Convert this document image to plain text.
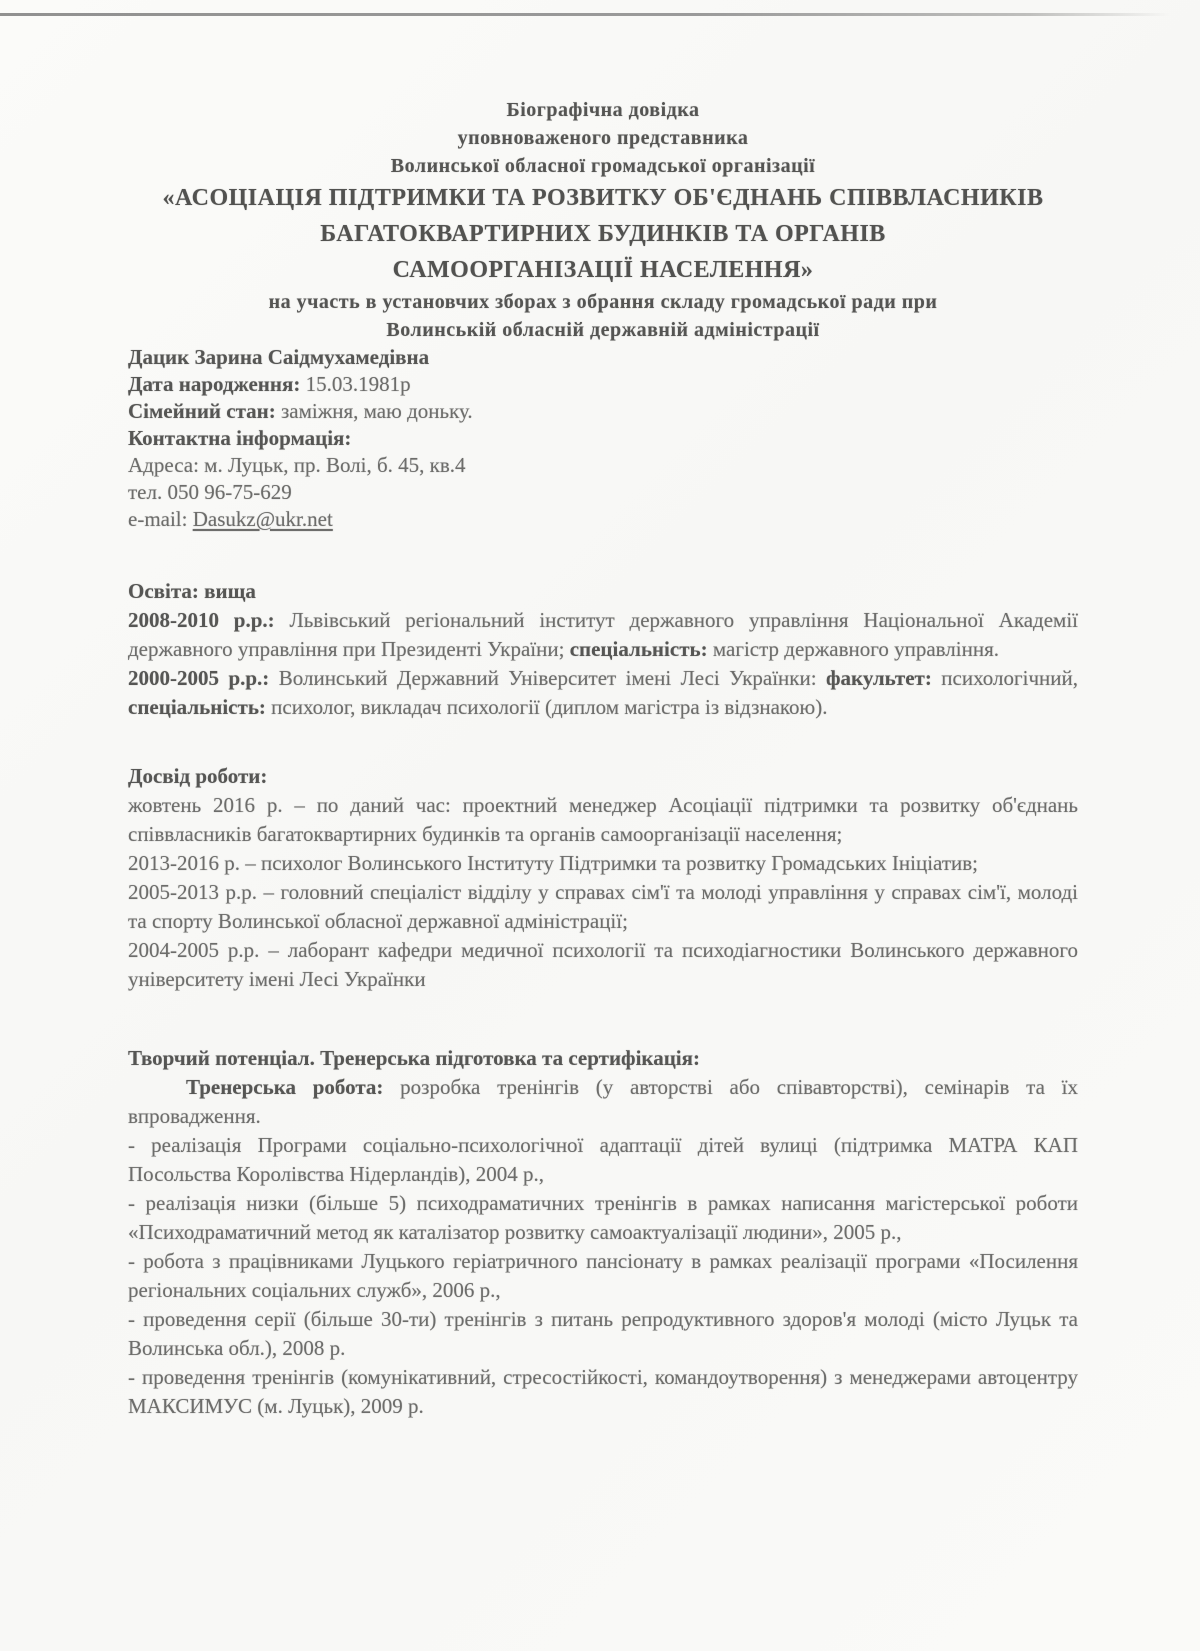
Біографічна довідка
уповноваженого представника
Волинської обласної громадської організації
«АСОЦІАЦІЯ ПІДТРИМКИ ТА РОЗВИТКУ ОБ'ЄДНАНЬ СПІВВЛАСНИКІВ
БАГАТОКВАРТИРНИХ БУДИНКІВ ТА ОРГАНІВ
САМООРГАНІЗАЦІЇ НАСЕЛЕННЯ»
на участь в установчих зборах з обрання складу громадської ради при
Волинській обласній державній адміністрації
Дацик Зарина Саідмухамедівна
Дата народження: 15.03.1981р
Сімейний стан: заміжня, маю доньку.
Контактна інформація:
Адреса: м. Луцьк, пр. Волі, б. 45, кв.4
тел. 050 96-75-629
e-mail: Dasukz@ukr.net

Освіта: вища

2008-2010 р.р.: Львівський регіональний інститут державного управління Національної Академії державного управління при Президенті України; спеціальність: магістр державного управління.

2000-2005 р.р.: Волинський Державний Університет імені Лесі Українки: факультет: психологічний, спеціальність: психолог, викладач психології (диплом магістра із відзнакою).

Досвід роботи:

жовтень 2016 р. – по даний час: проектний менеджер Асоціації підтримки та розвитку об'єднань співвласників багатоквартирних будинків та органів самоорганізації населення;

2013-2016 р. – психолог Волинського Інституту Підтримки та розвитку Громадських Ініціатив;

2005-2013 р.р. – головний спеціаліст відділу у справах сім'ї та молоді управління у справах сім'ї, молоді та спорту Волинської обласної державної адміністрації;

2004-2005 р.р. – лаборант кафедри медичної психології та психодіагностики Волинського державного університету імені Лесі Українки

Творчий потенціал. Тренерська підготовка та сертифікація:

Тренерська робота: розробка тренінгів (у авторстві або співавторстві), семінарів та їх впровадження.

- реалізація Програми соціально-психологічної адаптації дітей вулиці (підтримка МАТРА КАП Посольства Королівства Нідерландів), 2004 р.,

- реалізація низки (більше 5) психодраматичних тренінгів в рамках написання магістерської роботи «Психодраматичний метод як каталізатор розвитку самоактуалізації людини», 2005 р.,

- робота з працівниками Луцького геріатричного пансіонату в рамках реалізації програми «Посилення регіональних соціальних служб», 2006 р.,

- проведення серії (більше 30-ти) тренінгів з питань репродуктивного здоров'я молоді (місто Луцьк та Волинська обл.), 2008 р.

- проведення тренінгів (комунікативний, стресостійкості, командоутворення) з менеджерами автоцентру МАКСИМУС (м. Луцьк), 2009 р.
